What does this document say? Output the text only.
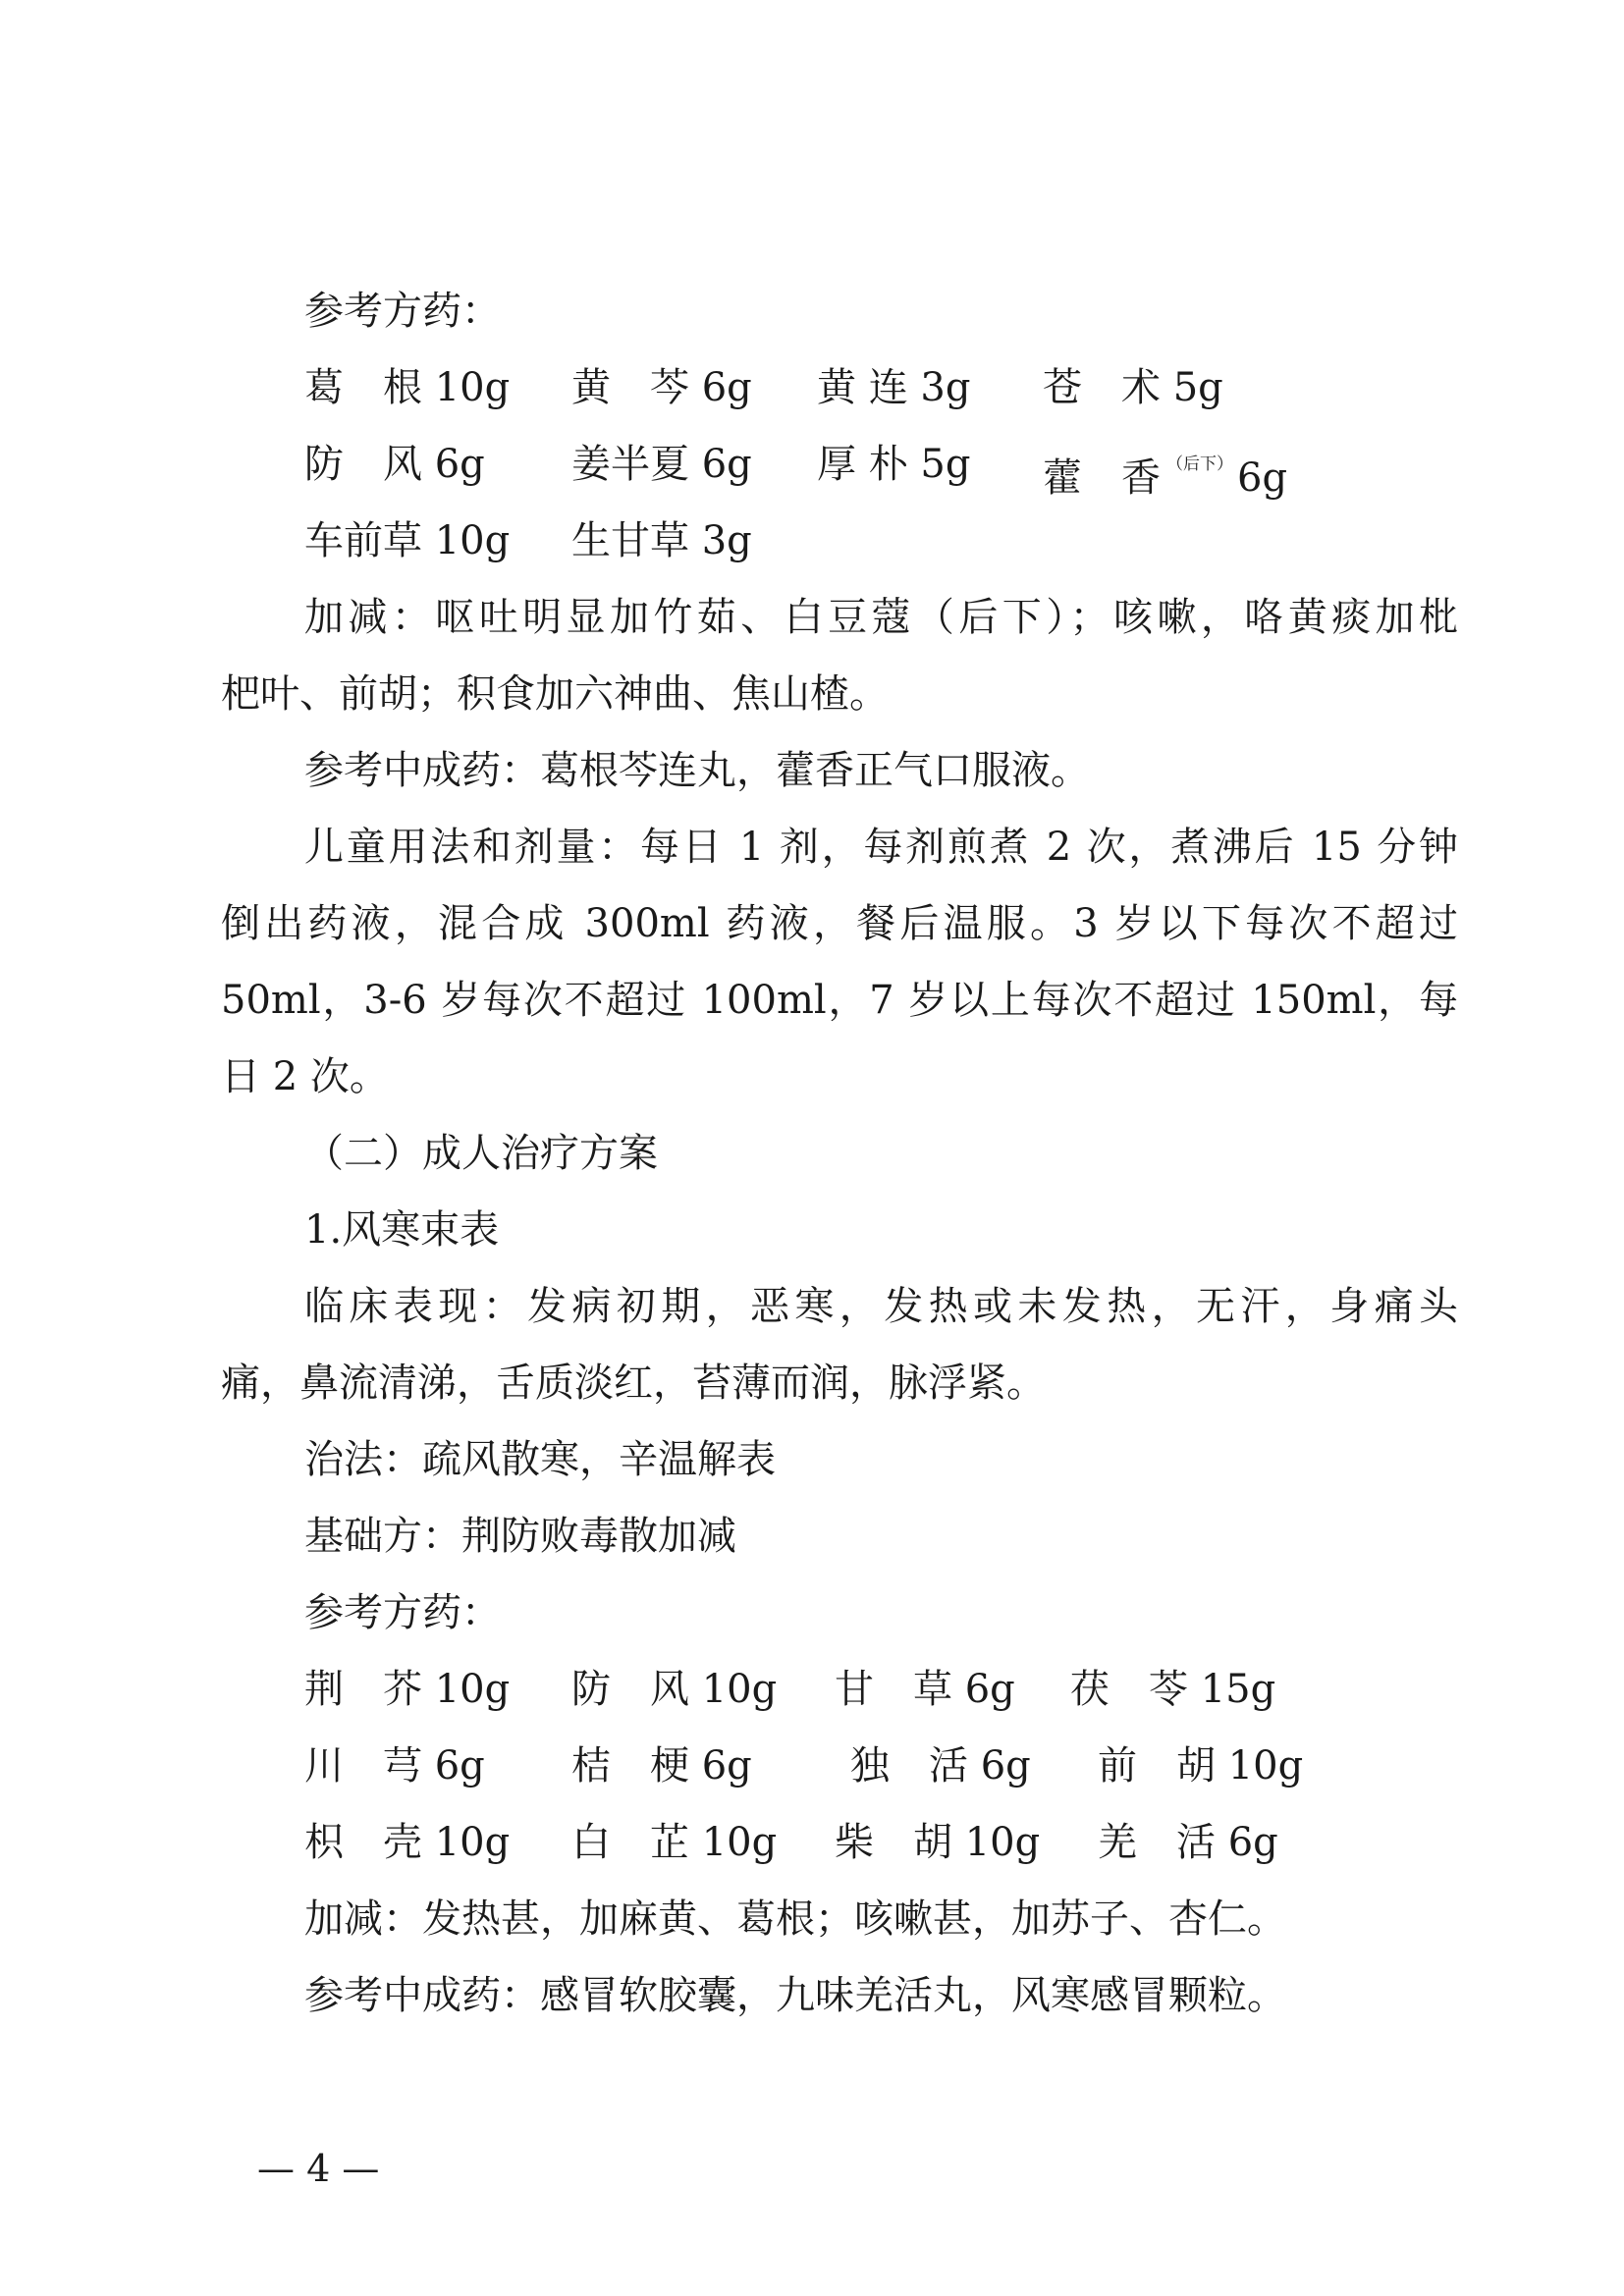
参考方药：
葛　根 10g 黄　芩 6g 黄 连 3g 苍　术 5g
防　风 6g 姜半夏 6g 厚 朴 5g 藿　香 $^{(后下)}$ 6g
车前草 10g 生甘草 3g
加减：呕吐明显加竹茹、白豆蔻（后下）；咳嗽，咯黄痰加枇
杷叶、前胡；积食加六神曲、焦山楂。
参考中成药：葛根芩连丸，藿香正气口服液。
儿童用法和剂量：每日 1 剂，每剂煎煮 2 次，煮沸后 15 分钟
倒出药液，混合成 300ml 药液，餐后温服。3 岁以下每次不超过
50ml，3-6 岁每次不超过 100ml，7 岁以上每次不超过 150ml，每
日 2 次。
（二）成人治疗方案
1.风寒束表
临床表现：发病初期，恶寒，发热或未发热，无汗，身痛头
痛，鼻流清涕，舌质淡红，苔薄而润，脉浮紧。
治法：疏风散寒，辛温解表
基础方：荆防败毒散加减
参考方药：
荆　芥 10g 防　风 10g 甘　草 6g 茯　苓 15g
川　芎 6g 桔　梗 6g	独　活 6g 前　胡 10g
枳　壳 10g 白　芷 10g 柴　胡 10g 羌　活 6g
加减：发热甚，加麻黄、葛根；咳嗽甚，加苏子、杏仁。
参考中成药：感冒软胶囊，九味羌活丸，风寒感冒颗粒。
— 4 —
